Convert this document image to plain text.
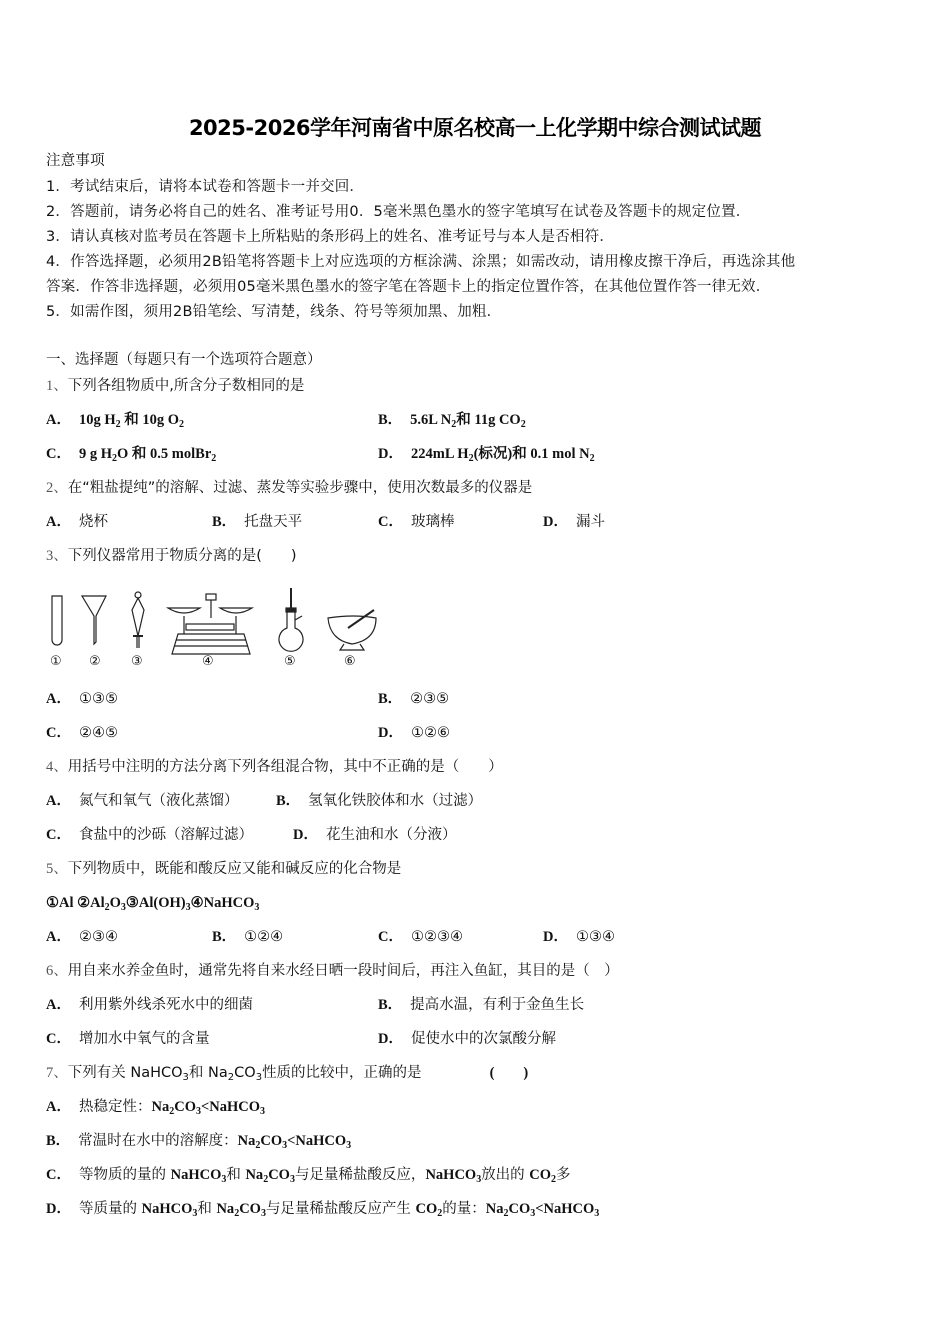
2025-2026学年河南省中原名校高一上化学期中综合测试试题
注意事项
1．考试结束后，请将本试卷和答题卡一并交回．
2．答题前，请务必将自己的姓名、准考证号用0．5毫米黑色墨水的签字笔填写在试卷及答题卡的规定位置．
3．请认真核对监考员在答题卡上所粘贴的条形码上的姓名、准考证号与本人是否相符．
4．作答选择题，必须用2B铅笔将答题卡上对应选项的方框涂满、涂黑；如需改动，请用橡皮擦干净后，再选涂其他
答案．作答非选择题，必须用05毫米黑色墨水的签字笔在答题卡上的指定位置作答，在其他位置作答一律无效．
5．如需作图，须用2B铅笔绘、写清楚，线条、符号等须加黑、加粗．
一、选择题（每题只有一个选项符合题意）
1、下列各组物质中,所含分子数相同的是
A． 10g $H_2$ 和 10g $O_2$	B． 5.6L $N_2$和 11g $CO_2$
C． 9 g $H_2O$ 和 0.5 molBr$_2$	D． 224mL $H_2$(标况)和 0.1 mol $N_2$
2、在“粗盐提纯”的溶解、过滤、蒸发等实验步骤中，使用次数最多的仪器是
A． 烧杯	B． 托盘天平	C． 玻璃棒	D． 漏斗
3、下列仪器常用于物质分离的是(　　)
① ② ③	④	⑤	⑥
A． ①③⑤	B． ②③⑤
C． ②④⑤	D． ①②⑥
4、用括号中注明的方法分离下列各组混合物，其中不正确的是（　　）
A． 氮气和氧气（液化蒸馏）	B． 氢氧化铁胶体和水（过滤）
C． 食盐中的沙砾（溶解过滤）	D． 花生油和水（分液）
5、下列物质中，既能和酸反应又能和碱反应的化合物是
①Al $②Al_2O_3③Al(OH)_3④NaHCO_3$
A． ②③④	B． ①②④	C． ①②③④	D． ①③④
6、用自来水养金鱼时，通常先将自来水经日晒一段时间后，再注入鱼缸，其目的是（　）
A． 利用紫外线杀死水中的细菌	B． 提高水温，有利于金鱼生长
C． 增加水中氧气的含量	D． 促使水中的次氯酸分解
7、下列有关 NaHCO$_3$和 $Na_2CO_3$性质的比较中，正确的是	(　　)
A． 热稳定性：$Na_2CO_3<NaHCO_3$
B． 常温时在水中的溶解度：$Na_2CO_3<NaHCO_3$
C． 等物质的量的 NaHCO$_3$和 $Na_2CO_3$与足量稀盐酸反应，NaHCO$_3$放出的 $CO_2$多
D． 等质量的 NaHCO$_3$和 $Na_2CO_3$与足量稀盐酸反应产生 $CO_2$的量：$Na_2CO_3<NaHCO_3$
